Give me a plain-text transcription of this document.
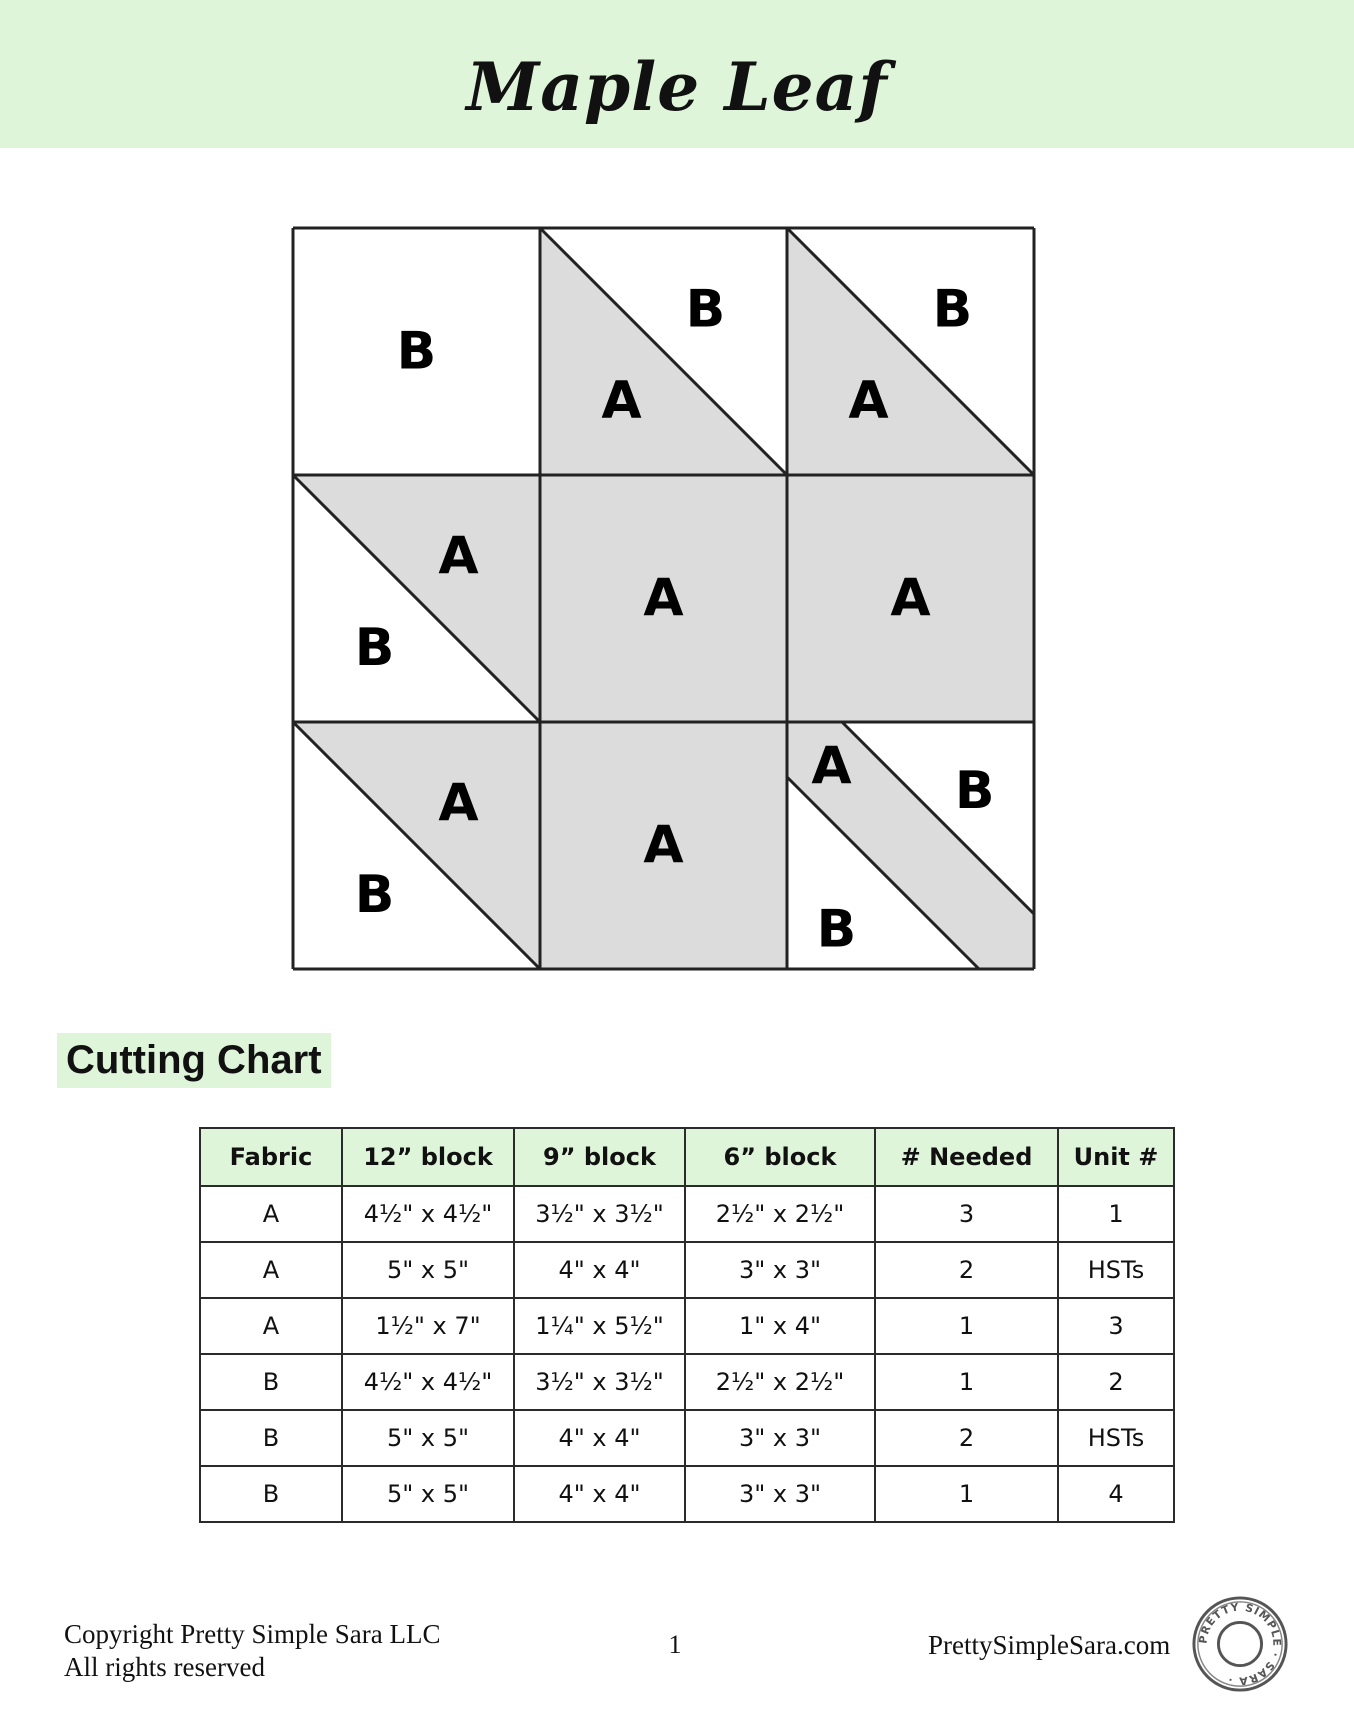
Maple Leaf
B
B
A
B
A
A
B
A	A
A
B
A
A B
B
Cutting Chart
Fabric	12” block	9” block	6” block	# Needed	Unit #
A	4½" x 4½"	3½" x 3½"	2½" x 2½"	3	1
A	5" x 5"	4" x 4"	3" x 3"	2	HSTs
A	1½" x 7"	1¼" x 5½"	1" x 4"	1	3
B	4½" x 4½"	3½" x 3½"	2½" x 2½"	1	2
B	5" x 5"	4" x 4"	3" x 3"	2	HSTs
B	5" x 5"	4" x 4"	3" x 3"	1	4
Copyright Pretty Simple Sara LLC
All rights reserved
1	PrettySimpleSara.com PRETTY SIMPLE · SARA ·
